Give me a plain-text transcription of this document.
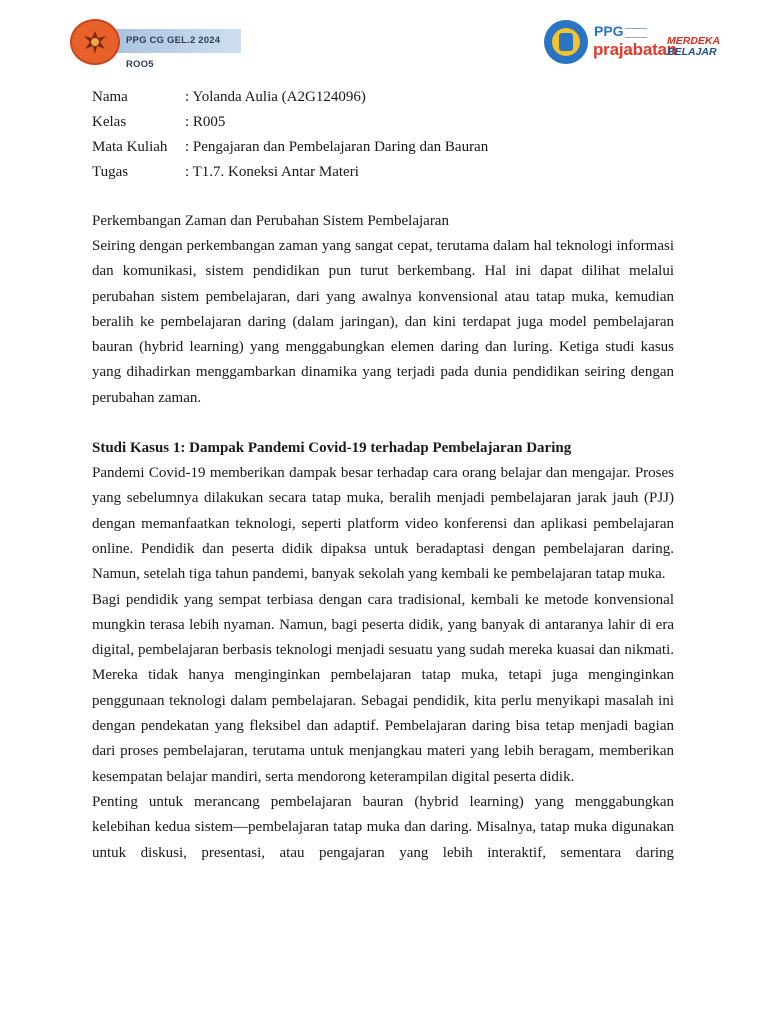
PPG CG GEL.2 2024 ROO5
PPG
prajabatan
MERDEKA
BELAJAR
Nama	: Yolanda Aulia (A2G124096)
Kelas	: R005
Mata Kuliah : Pengajaran dan Pembelajaran Daring dan Bauran
Tugas	: T1.7. Koneksi Antar Materi
Perkembangan Zaman dan Perubahan Sistem Pembelajaran

Seiring dengan perkembangan zaman yang sangat cepat, terutama dalam hal teknologi informasi dan komunikasi, sistem pendidikan pun turut berkembang. Hal ini dapat dilihat melalui perubahan sistem pembelajaran, dari yang awalnya konvensional atau tatap muka, kemudian beralih ke pembelajaran daring (dalam jaringan), dan kini terdapat juga model pembelajaran bauran (hybrid learning) yang menggabungkan elemen daring dan luring. Ketiga studi kasus yang dihadirkan menggambarkan dinamika yang terjadi pada dunia pendidikan seiring dengan perubahan zaman.

Studi Kasus 1: Dampak Pandemi Covid-19 terhadap Pembelajaran Daring

Pandemi Covid-19 memberikan dampak besar terhadap cara orang belajar dan mengajar. Proses yang sebelumnya dilakukan secara tatap muka, beralih menjadi pembelajaran jarak jauh (PJJ) dengan memanfaatkan teknologi, seperti platform video konferensi dan aplikasi pembelajaran online. Pendidik dan peserta didik dipaksa untuk beradaptasi dengan pembelajaran daring. Namun, setelah tiga tahun pandemi, banyak sekolah yang kembali ke pembelajaran tatap muka.

Bagi pendidik yang sempat terbiasa dengan cara tradisional, kembali ke metode konvensional mungkin terasa lebih nyaman. Namun, bagi peserta didik, yang banyak di antaranya lahir di era digital, pembelajaran berbasis teknologi menjadi sesuatu yang sudah mereka kuasai dan nikmati. Mereka tidak hanya menginginkan pembelajaran tatap muka, tetapi juga menginginkan penggunaan teknologi dalam pembelajaran. Sebagai pendidik, kita perlu menyikapi masalah ini dengan pendekatan yang fleksibel dan adaptif. Pembelajaran daring bisa tetap menjadi bagian dari proses pembelajaran, terutama untuk menjangkau materi yang lebih beragam, memberikan kesempatan belajar mandiri, serta mendorong keterampilan digital peserta didik.

Penting untuk merancang pembelajaran bauran (hybrid learning) yang menggabungkan kelebihan kedua sistem—pembelajaran tatap muka dan daring. Misalnya, tatap muka digunakan untuk diskusi, presentasi, atau pengajaran yang lebih interaktif, sementara daring
